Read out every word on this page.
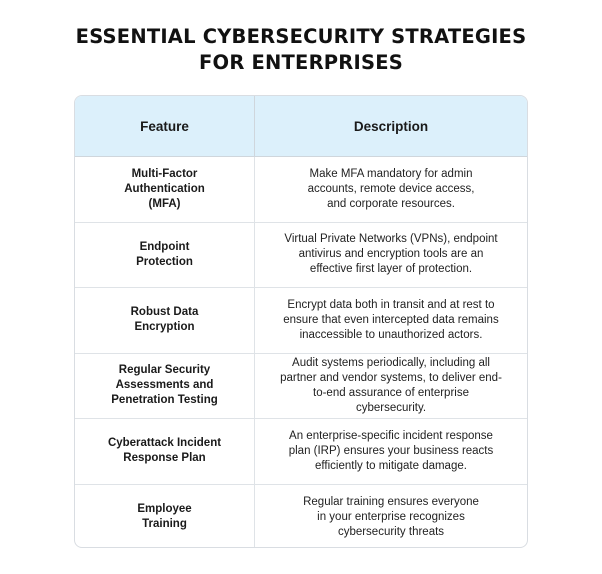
ESSENTIAL CYBERSECURITY STRATEGIES
FOR ENTERPRISES
Feature	Description
Multi-Factor
Authentication
(MFA)
Make MFA mandatory for admin
accounts, remote device access,
and corporate resources.
Endpoint
Protection
Virtual Private Networks (VPNs), endpoint
antivirus and encryption tools are an
effective first layer of protection.
Robust Data
Encryption
Encrypt data both in transit and at rest to
ensure that even intercepted data remains
inaccessible to unauthorized actors.
Regular Security
Assessments and
Penetration Testing
Audit systems periodically, including all
partner and vendor systems, to deliver end-
to-end assurance of enterprise
cybersecurity.
Cyberattack Incident
Response Plan
An enterprise-specific incident response
plan (IRP) ensures your business reacts
efficiently to mitigate damage.
Employee
Training
Regular training ensures everyone
in your enterprise recognizes
cybersecurity threats
